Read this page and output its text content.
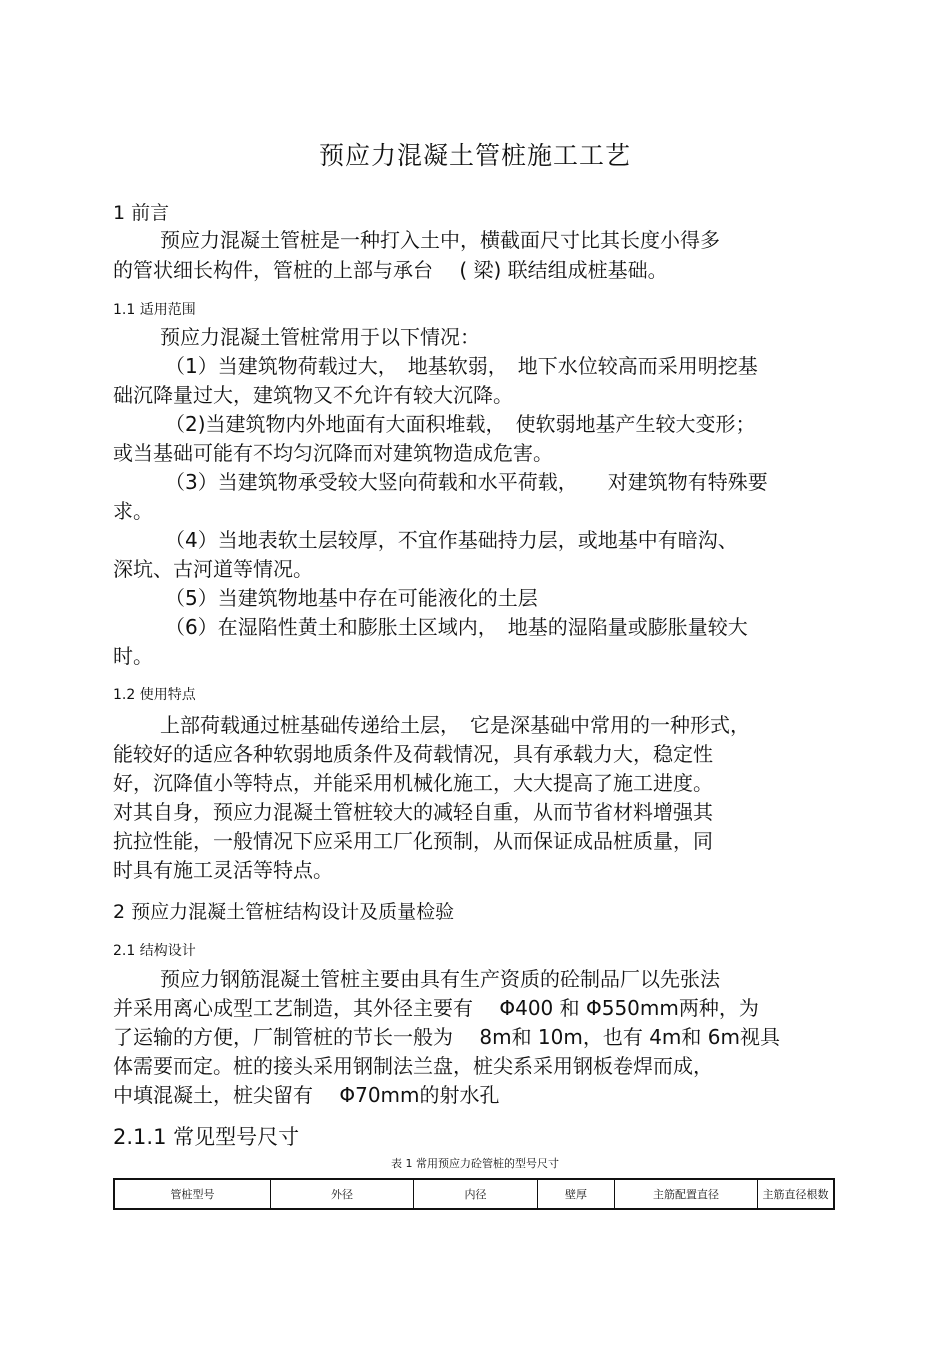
预应力混凝土管桩施工工艺
1 前言
预应力混凝土管桩是一种打入土中，横截面尺寸比其长度小得多
的管状细长构件，管桩的上部与承台　 ( 梁) 联结组成桩基础。
1.1 适用范围
预应力混凝土管桩常用于以下情况：
（1）当建筑物荷载过大，　地基软弱，　地下水位较高而采用明挖基
础沉降量过大，建筑物又不允许有较大沉降。
（2)当建筑物内外地面有大面积堆载，　使软弱地基产生较大变形；
或当基础可能有不均匀沉降而对建筑物造成危害。
（3）当建筑物承受较大竖向荷载和水平荷载，　　对建筑物有特殊要
求。
（4）当地表软土层较厚，不宜作基础持力层，或地基中有暗沟、
深坑、古河道等情况。
（5）当建筑物地基中存在可能液化的土层
（6）在湿陷性黄土和膨胀土区域内，　地基的湿陷量或膨胀量较大
时。
1.2 使用特点
上部荷载通过桩基础传递给土层，　它是深基础中常用的一种形式，
能较好的适应各种软弱地质条件及荷载情况，具有承载力大，稳定性
好，沉降值小等特点，并能采用机械化施工，大大提高了施工进度。
对其自身，预应力混凝土管桩较大的减轻自重，从而节省材料增强其
抗拉性能，一般情况下应采用工厂化预制，从而保证成品桩质量，同
时具有施工灵活等特点。
2 预应力混凝土管桩结构设计及质量检验
2.1 结构设计
预应力钢筋混凝土管桩主要由具有生产资质的砼制品厂以先张法
并采用离心成型工艺制造，其外径主要有　 Φ400 和 Φ550mm两种，为
了运输的方便，厂制管桩的节长一般为　 8m和 10m，也有 4m和 6m视具
体需要而定。桩的接头采用钢制法兰盘，桩尖系采用钢板卷焊而成，
中填混凝土，桩尖留有　 Φ70mm的射水孔
2.1.1 常见型号尺寸
表 1 常用预应力砼管桩的型号尺寸
管桩型号	外径	内径	壁厚	主筋配置直径	主筋直径根数
